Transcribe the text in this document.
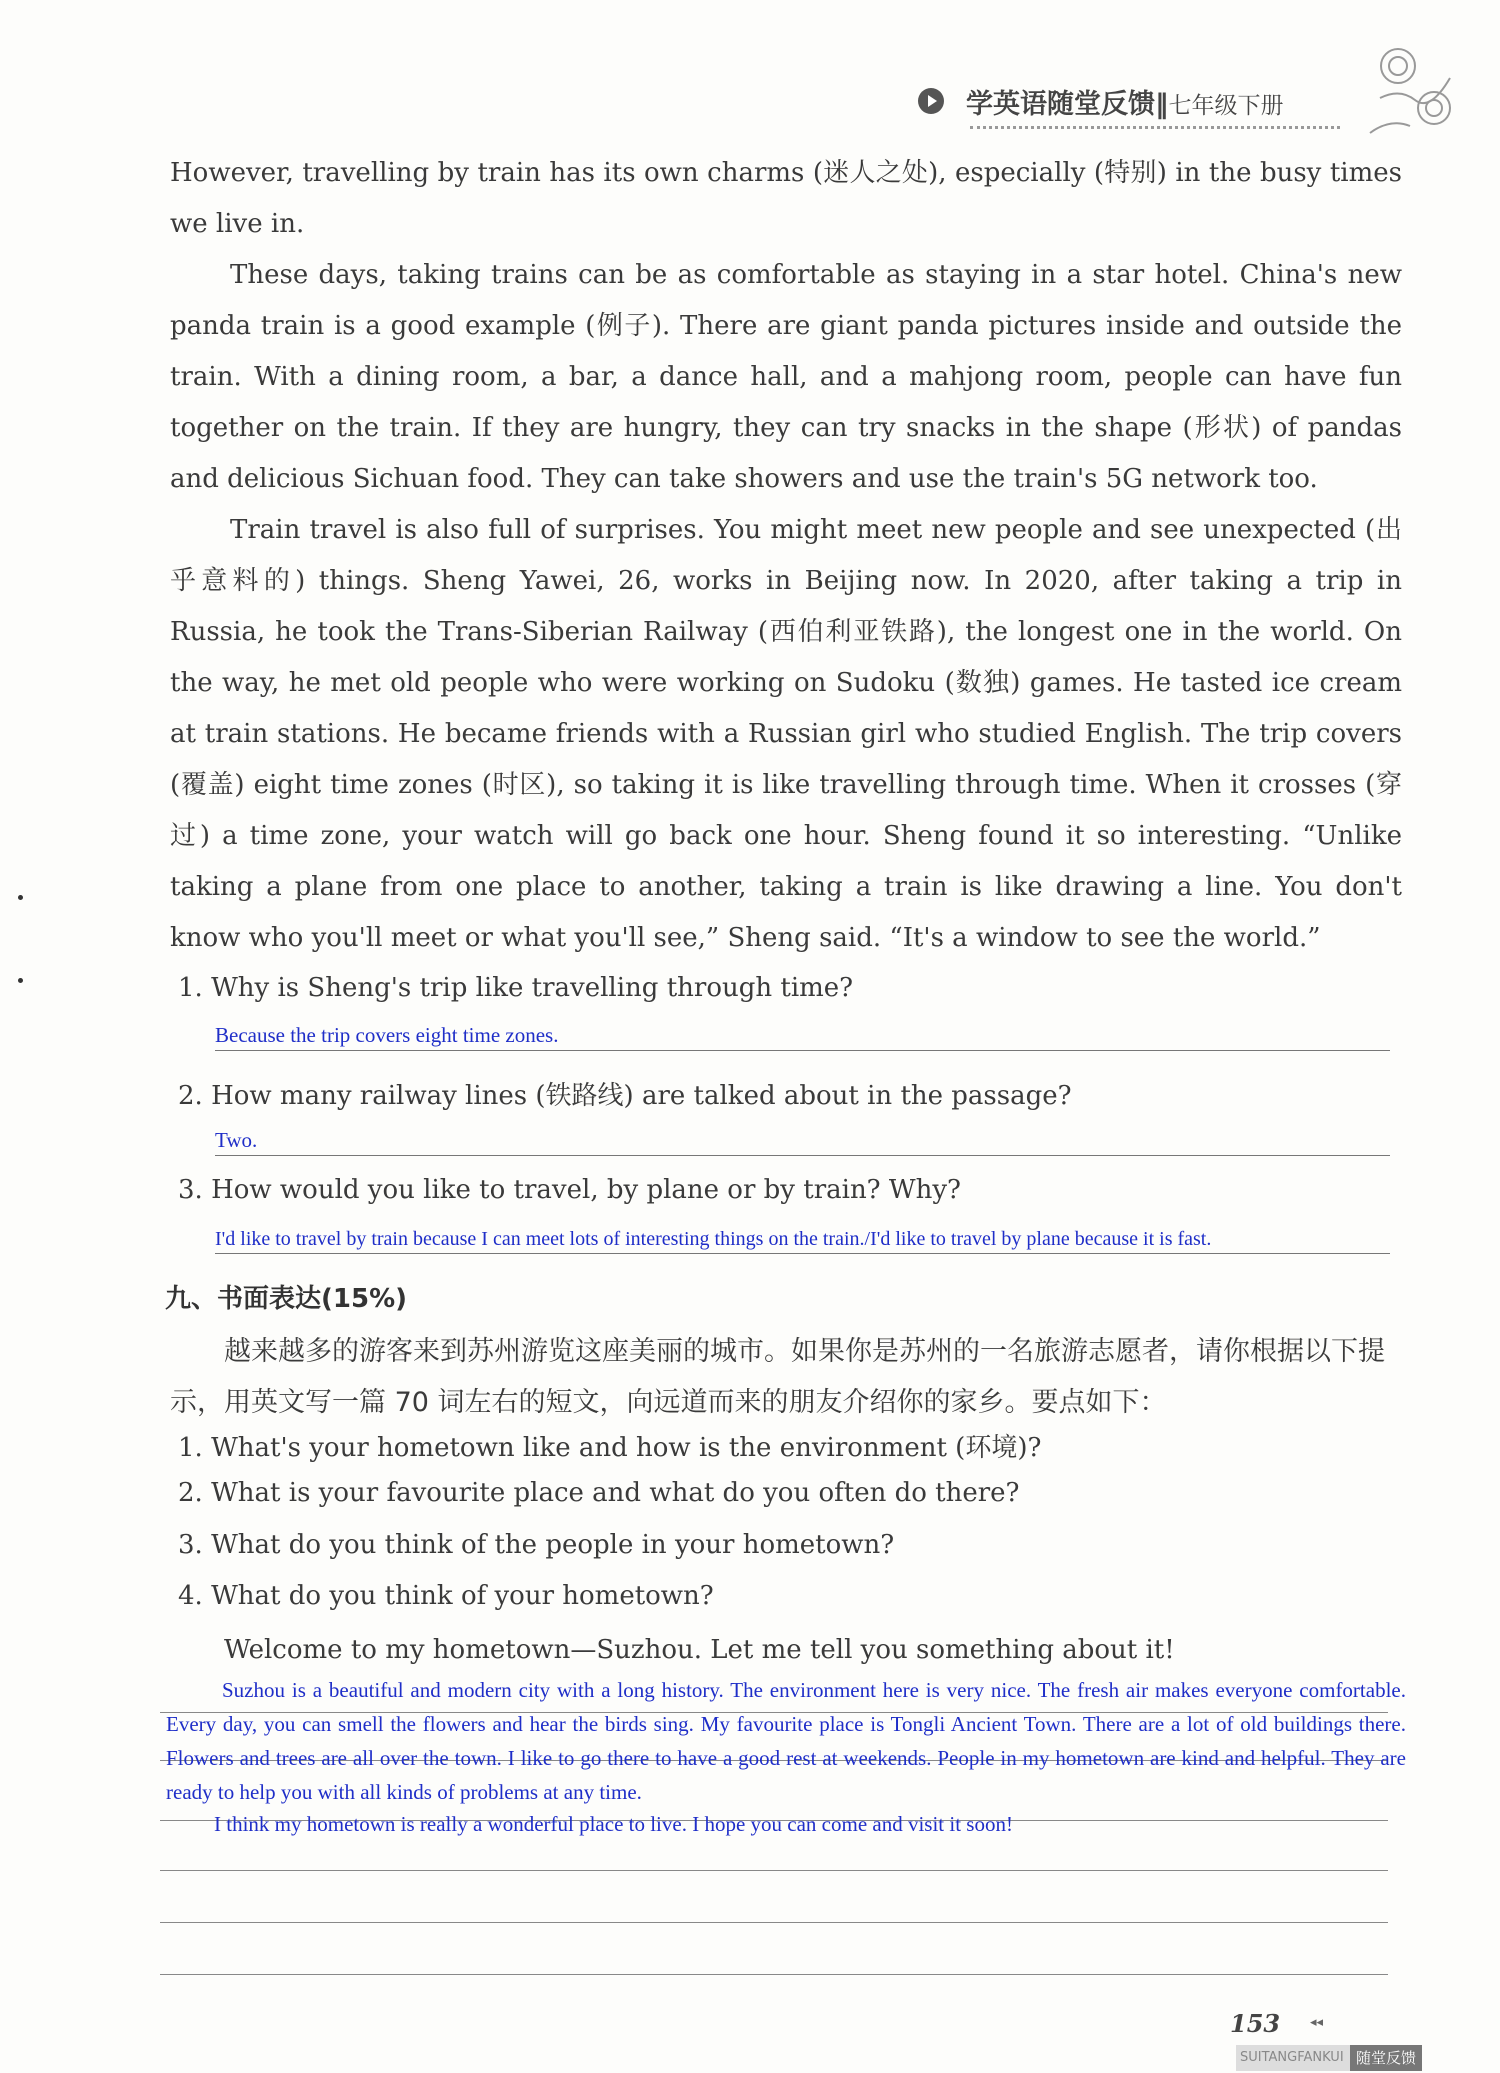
学英语随堂反馈‖七年级下册

However, travelling by train has its own charms (迷人之处), especially (特别) in the busy times we live in.

These days, taking trains can be as comfortable as staying in a star hotel. China's new panda train is a good example (例子). There are giant panda pictures inside and outside the train. With a dining room, a bar, a dance hall, and a mahjong room, people can have fun together on the train. If they are hungry, they can try snacks in the shape (形状) of pandas and delicious Sichuan food. They can take showers and use the train's 5G network too.

Train travel is also full of surprises. You might meet new people and see unexpected (出乎意料的) things. Sheng Yawei, 26, works in Beijing now. In 2020, after taking a trip in Russia, he took the Trans-Siberian Railway (西伯利亚铁路), the longest one in the world. On the way, he met old people who were working on Sudoku (数独) games. He tasted ice cream at train stations. He became friends with a Russian girl who studied English. The trip covers (覆盖) eight time zones (时区), so taking it is like travelling through time. When it crosses (穿过) a time zone, your watch will go back one hour. Sheng found it so interesting. “Unlike taking a plane from one place to another, taking a train is like drawing a line. You don't know who you'll meet or what you'll see,” Sheng said. “It's a window to see the world.”

1. Why is Sheng's trip like travelling through time?
Because the trip covers eight time zones.
2. How many railway lines (铁路线) are talked about in the passage?
Two.
3. How would you like to travel, by plane or by train? Why?
I'd like to travel by train because I can meet lots of interesting things on the train./I'd like to travel by plane because it is fast.
九、书面表达(15%)

越来越多的游客来到苏州游览这座美丽的城市。如果你是苏州的一名旅游志愿者，请你根据以下提示，用英文写一篇 70 词左右的短文，向远道而来的朋友介绍你的家乡。要点如下：

1. What's your hometown like and how is the environment (环境)?
2. What is your favourite place and what do you often do there?
3. What do you think of the people in your hometown?
4. What do you think of your hometown?
Welcome to my hometown—Suzhou. Let me tell you something about it!

Suzhou is a beautiful and modern city with a long history. The environment here is very nice. The fresh air makes everyone comfortable. Every day, you can smell the flowers and hear the birds sing. My favourite place is Tongli Ancient Town. There are a lot of old buildings there. Flowers and trees are all over the town. I like to go there to have a good rest at weekends. People in my hometown are kind and helpful. They are ready to help you with all kinds of problems at any time.

I think my hometown is really a wonderful place to live. I hope you can come and visit it soon!
153 ◂◂
SUITANGFANKUI 随堂反馈
